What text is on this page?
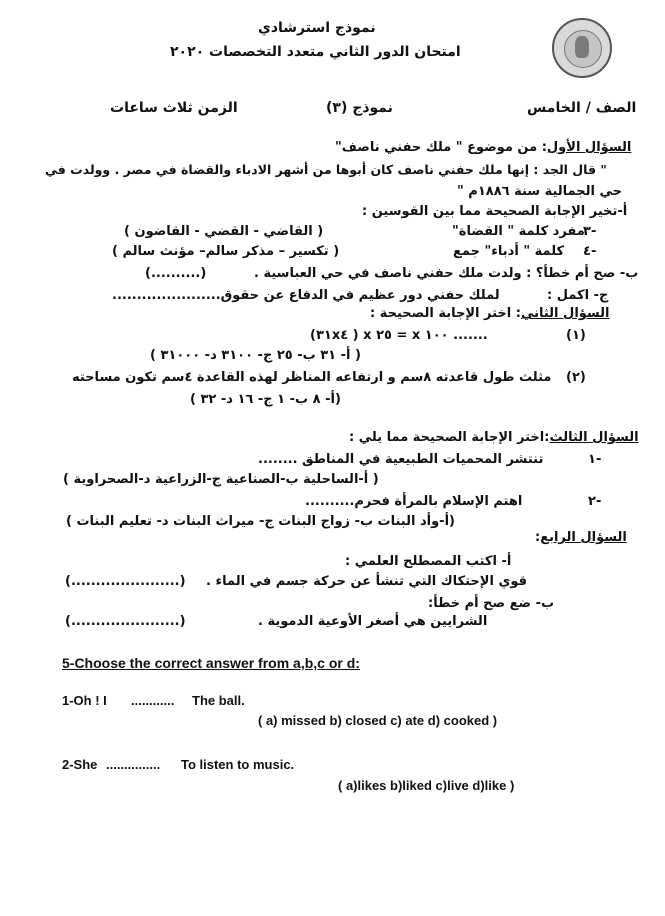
نموذج استرشادي
امتحان الدور الثاني متعدد التخصصات ٢٠٢٠
الصف / الخامس
نموذج (٣)
الزمن ثلاث ساعات
السؤال الأول: من موضوع " ملك حفني ناصف"
" قال الجد : إنها ملك حفني ناصف كان أبوها من أشهر الادباء والقضاة في مصر . وولدت في
حي الجمالية سنة ١٨٨٦م "
أ-تخير الإجابة الصحيحة مما بين القوسين :
٣-
مفرد كلمة " القضاة"
( القاضي - القضي - القاضون )
٤-
كلمة " أدباء" جمع
( تكسير – مذكر سالم– مؤنث سالم )
ب- صح أم خطأ؟ : ولدت ملك حفني ناصف في حي العباسية .
(..........)
ج- اكمل :
لملك حفني دور عظيم في الدفاع عن حقوق......................
السؤال الثاني: اختر الإجابة الصحيحة :
(١)
(٣١x٤ ) x ٢٥ = x ١٠٠ .......
( أ- ٣١ ب- ٢٥ ج- ٣١٠٠ د- ٣١٠٠٠ )
(٢)
مثلث طول قاعدته ٨سم و ارتفاعه المناظر لهذه القاعدة ٤سم تكون مساحته
(أ- ٨ ب- ١ ج- ١٦ د- ٣٢ )
السؤال الثالث:اختر الإجابة الصحيحة مما يلي :
١-
تنتشر المحميات الطبيعية في المناطق ........
( أ-الساحلية ب-الصناعية ج-الزراعية د-الصحراوية )
٢-
اهتم الإسلام بالمرأة فحرم..........
(أ-وأد البنات ب- زواج البنات ج- ميراث البنات د- تعليم البنات )
السؤال الرابع:
أ- اكتب المصطلح العلمي :
قوي الإحتكاك التي تنشأ عن حركة جسم في الماء .
(......................)
ب- ضع صح أم خطأ:
الشرايين هي أصغر الأوعية الدموية .
(......................)
5-Choose the correct answer from a,b,c or d:
1-Oh ! I ............ The ball.
( a) missed b) closed c) ate d) cooked )
2-She ............... To listen to music.
( a)likes b)liked c)live d)like )
